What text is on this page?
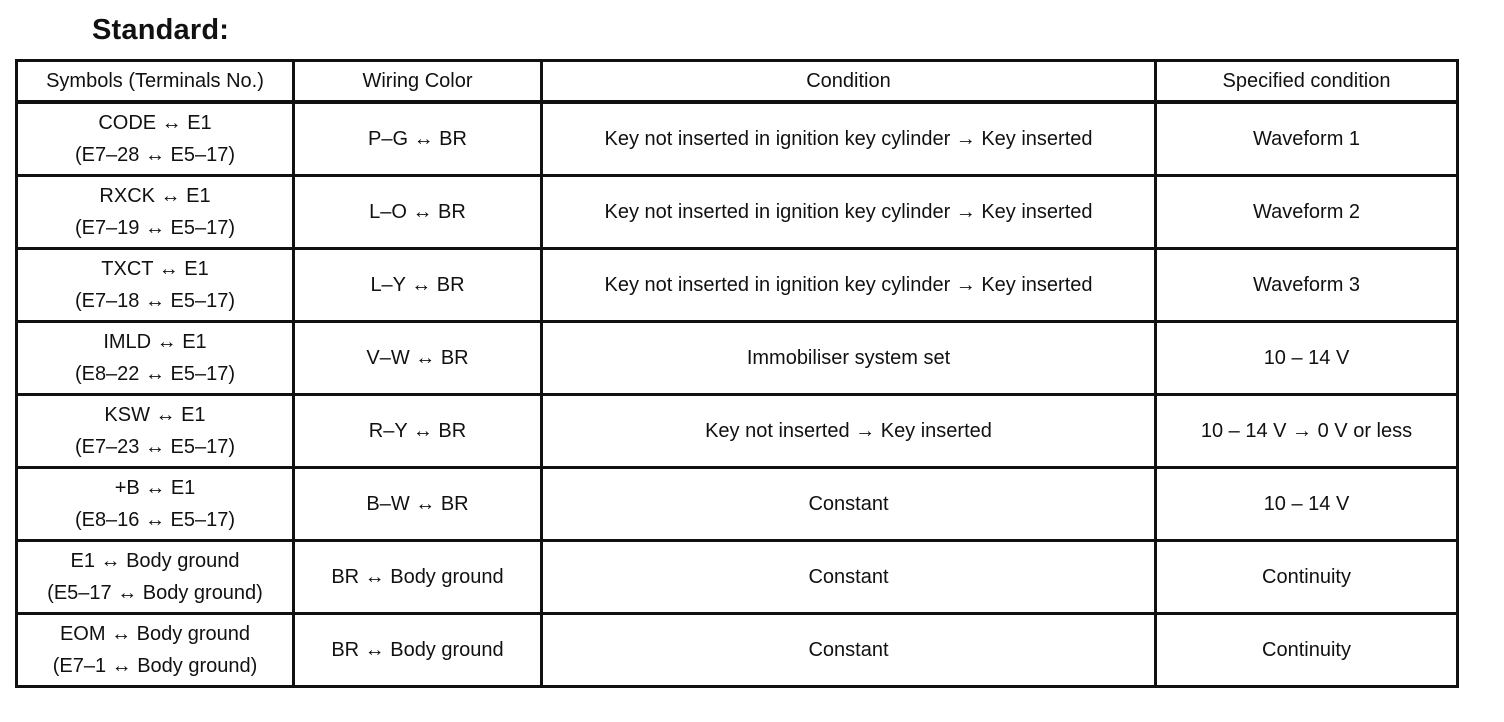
Standard:
Symbols (Terminals No.)	Wiring Color	Condition	Specified condition

CODE ↔ E1
(E7–28 ↔ E5–17)	P–G ↔ BR	Key not inserted in ignition key cylinder → Key inserted	Waveform 1

RXCK ↔ E1
(E7–19 ↔ E5–17)	L–O ↔ BR	Key not inserted in ignition key cylinder → Key inserted	Waveform 2

TXCT ↔ E1
(E7–18 ↔ E5–17)	L–Y ↔ BR	Key not inserted in ignition key cylinder → Key inserted	Waveform 3

IMLD ↔ E1
(E8–22 ↔ E5–17)	V–W ↔ BR	Immobiliser system set	10 – 14 V

KSW ↔ E1
(E7–23 ↔ E5–17)	R–Y ↔ BR	Key not inserted → Key inserted	10 – 14 V → 0 V or less

+B ↔ E1
(E8–16 ↔ E5–17)	B–W ↔ BR	Constant	10 – 14 V

E1 ↔ Body ground
(E5–17 ↔ Body ground)	BR ↔ Body ground	Constant	Continuity

EOM ↔ Body ground
(E7–1 ↔ Body ground)	BR ↔ Body ground	Constant	Continuity
